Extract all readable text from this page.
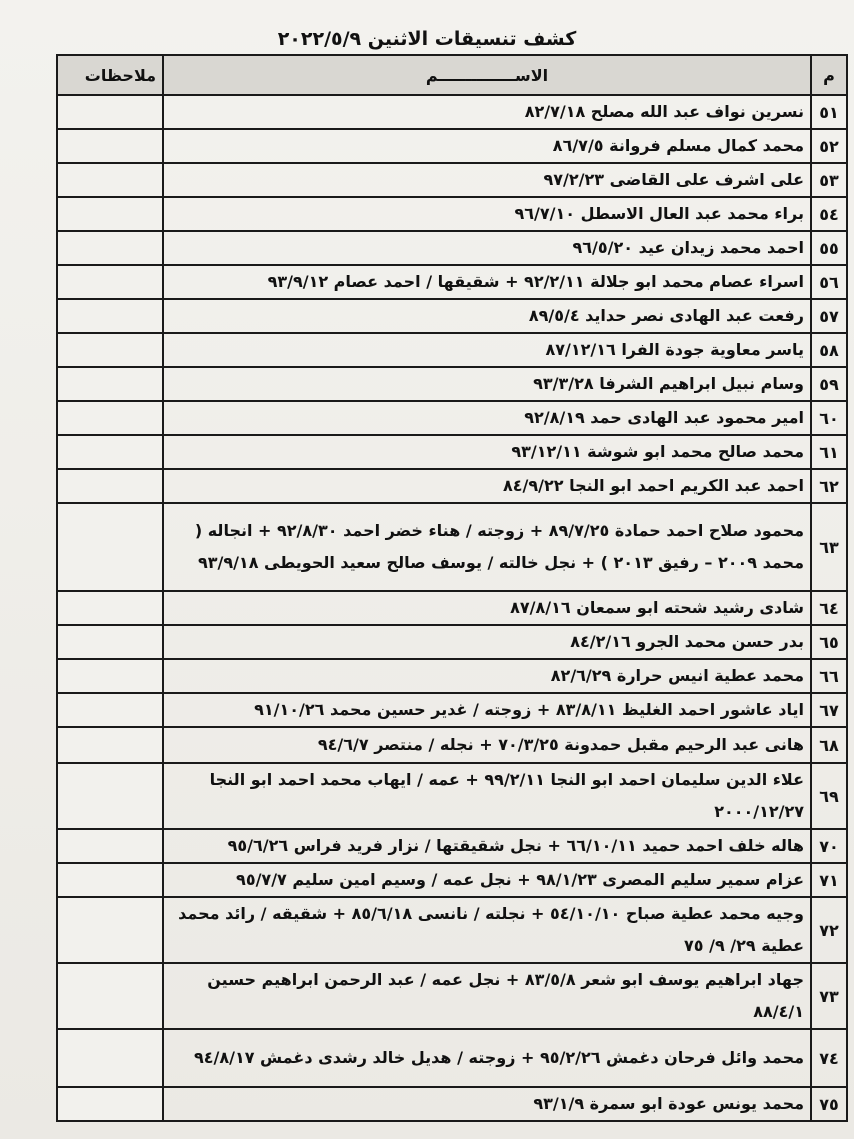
كشف تنسيقات الاثنين ٢٠٢٢/٥/٩
م	الاســــــــــــــم	ملاحظات
٥١	نسرين نواف عبد الله مصلح ٨٢/٧/١٨	
٥٢	محمد كمال مسلم فروانة ٨٦/٧/٥	
٥٣	على اشرف على القاضى ٩٧/٢/٢٣	
٥٤	براء محمد عبد العال الاسطل ٩٦/٧/١٠	
٥٥	احمد محمد زيدان عيد ٩٦/٥/٢٠	
٥٦	اسراء عصام محمد ابو جلالة ٩٢/٢/١١ + شقيقها / احمد عصام ٩٣/٩/١٢	
٥٧	رفعت عبد الهادى نصر حدايد ٨٩/٥/٤	
٥٨	ياسر معاوية جودة الفرا ٨٧/١٢/١٦	
٥٩	وسام نبيل ابراهيم الشرفا ٩٣/٣/٢٨	
٦٠	امير محمود عبد الهادى حمد ٩٢/٨/١٩	
٦١	محمد صالح محمد ابو شوشة ٩٣/١٢/١١	
٦٢	احمد عبد الكريم احمد ابو النجا ٨٤/٩/٢٢	
٦٣	محمود صلاح احمد حمادة ٨٩/٧/٢٥ + زوجته / هناء خضر احمد ٩٢/٨/٣٠ + انجاله ( محمد ٢٠٠٩ – رفيق ٢٠١٣ ) + نجل خالته / يوسف صالح سعيد الحويطى ٩٣/٩/١٨	
٦٤	شادى رشيد شحته ابو سمعان ٨٧/٨/١٦	
٦٥	بدر حسن محمد الجرو ٨٤/٢/١٦	
٦٦	محمد عطية انيس حرارة ٨٢/٦/٢٩	
٦٧	اياد عاشور احمد الغليظ ٨٣/٨/١١ + زوجته / غدير حسين محمد ٩١/١٠/٢٦	
٦٨	هانى عبد الرحيم مقبل حمدونة ٧٠/٣/٢٥ + نجله / منتصر ٩٤/٦/٧	
٦٩	علاء الدين سليمان احمد ابو النجا ٩٩/٢/١١ + عمه / ايهاب محمد احمد ابو النجا ٢٠٠٠/١٢/٢٧	
٧٠	هاله خلف احمد حميد ٦٦/١٠/١١ + نجل شقيقتها / نزار فريد فراس ٩٥/٦/٢٦	
٧١	عزام سمير سليم المصرى ٩٨/١/٢٣ + نجل عمه / وسيم امين سليم ٩٥/٧/٧	
٧٢	وجيه محمد عطية صباح ٥٤/١٠/١٠ + نجلته / نانسى ٨٥/٦/١٨ + شقيقه / رائد محمد عطية ٢٩/ ٩/ ٧٥	
٧٣	جهاد ابراهيم يوسف ابو شعر ٨٣/٥/٨ + نجل عمه / عبد الرحمن ابراهيم حسين ٨٨/٤/١	
٧٤	محمد وائل فرحان دغمش ٩٥/٢/٢٦ + زوجته / هديل خالد رشدى دغمش ٩٤/٨/١٧	
٧٥	محمد يونس عودة ابو سمرة ٩٣/١/٩	
